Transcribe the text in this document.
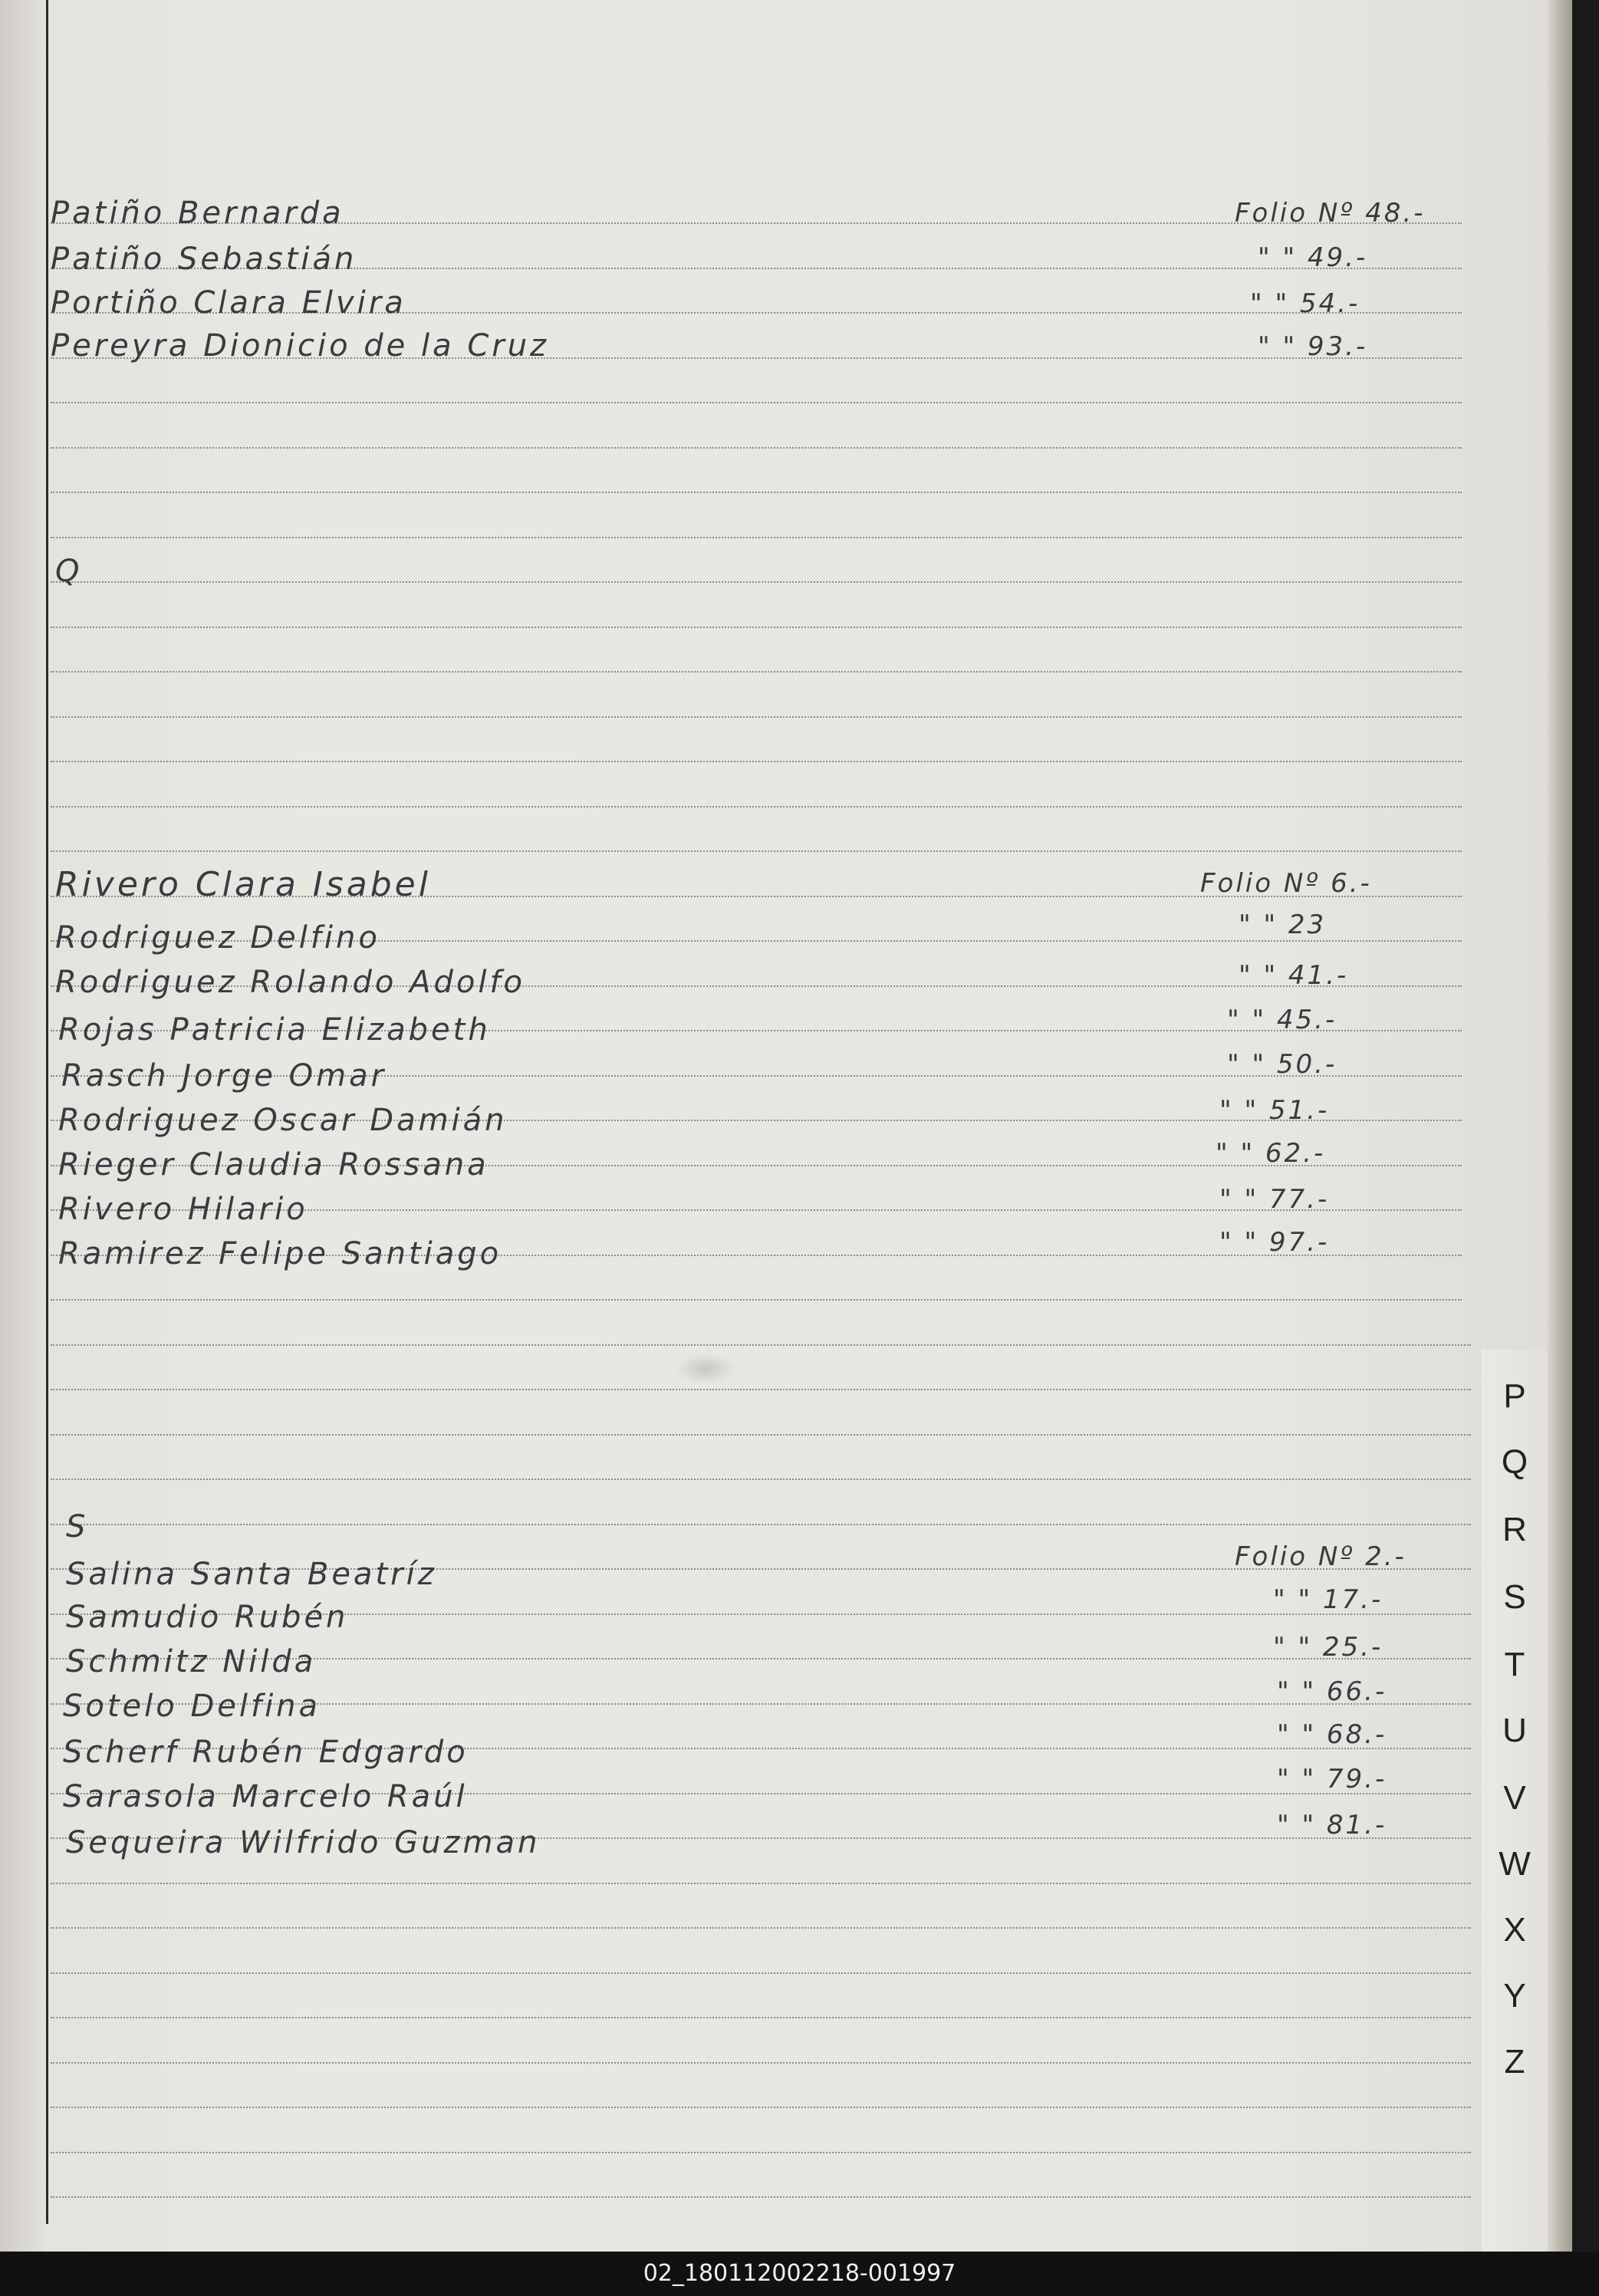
Patiño Bernarda	Folio Nº 48.-
Patiño Sebastián	" " 49.-
Portiño Clara Elvira	" " 54.-
Pereyra Dionicio de la Cruz	" " 93.-
Q
Rivero Clara Isabel	Folio Nº 6.-
Rodriguez Delfino	" " 23
Rodriguez Rolando Adolfo	" " 41.-
Rojas Patricia Elizabeth	" " 45.-
Rasch Jorge Omar	" " 50.-
Rodriguez Oscar Damián	" " 51.-
Rieger Claudia Rossana	" " 62.-
Rivero Hilario	" " 77.-
Ramirez Felipe Santiago	" " 97.-
S
Salina Santa Beatríz	Folio Nº 2.-
Samudio Rubén	" " 17.-
Schmitz Nilda	" " 25.-
Sotelo Delfina	" " 66.-
Scherf Rubén Edgardo	" " 68.-
Sarasola Marcelo Raúl	" " 79.-
Sequeira Wilfrido Guzman	" " 81.-
P
Q
R
S
T
U
V
W
X
Y
Z
02_180112002218-001997
